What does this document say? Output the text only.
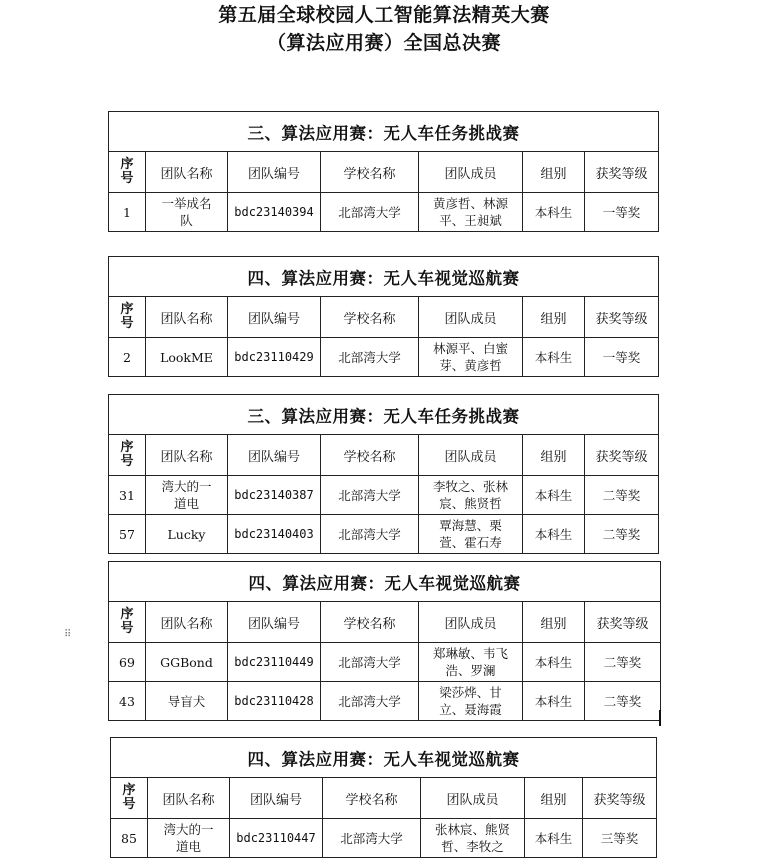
第五届全球校园人工智能算法精英大赛
（算法应用赛）全国总决赛
三、算法应用赛：无人车任务挑战赛						

序号	团队名称	团队编号	学校名称	团队成员	组别	获奖等级
1	一举成名队	bdc23140394	北部湾大学	黄彦哲、林源平、王昶斌	本科生	一等奖
四、算法应用赛：无人车视觉巡航赛						

序号	团队名称	团队编号	学校名称	团队成员	组别	获奖等级
2	LookME	bdc23110429	北部湾大学	林源平、白蜜芽、黄彦哲	本科生	一等奖
三、算法应用赛：无人车任务挑战赛						

序号	团队名称	团队编号	学校名称	团队成员	组别	获奖等级
31	湾大的一道电	bdc23140387	北部湾大学	李牧之、张林宸、熊贤哲	本科生	二等奖
57	Lucky	bdc23140403	北部湾大学	覃海慧、栗萱、霍石寿	本科生	二等奖
四、算法应用赛：无人车视觉巡航赛						

序号	团队名称	团队编号	学校名称	团队成员	组别	获奖等级
69	GGBond	bdc23110449	北部湾大学	郑琳敏、韦飞浩、罗澜	本科生	二等奖
43	导盲犬	bdc23110428	北部湾大学	梁莎烨、甘立、聂海霞	本科生	二等奖
四、算法应用赛：无人车视觉巡航赛						

序号	团队名称	团队编号	学校名称	团队成员	组别	获奖等级
85	湾大的一道电	bdc23110447	北部湾大学	张林宸、熊贤哲、李牧之	本科生	三等奖
⠿
